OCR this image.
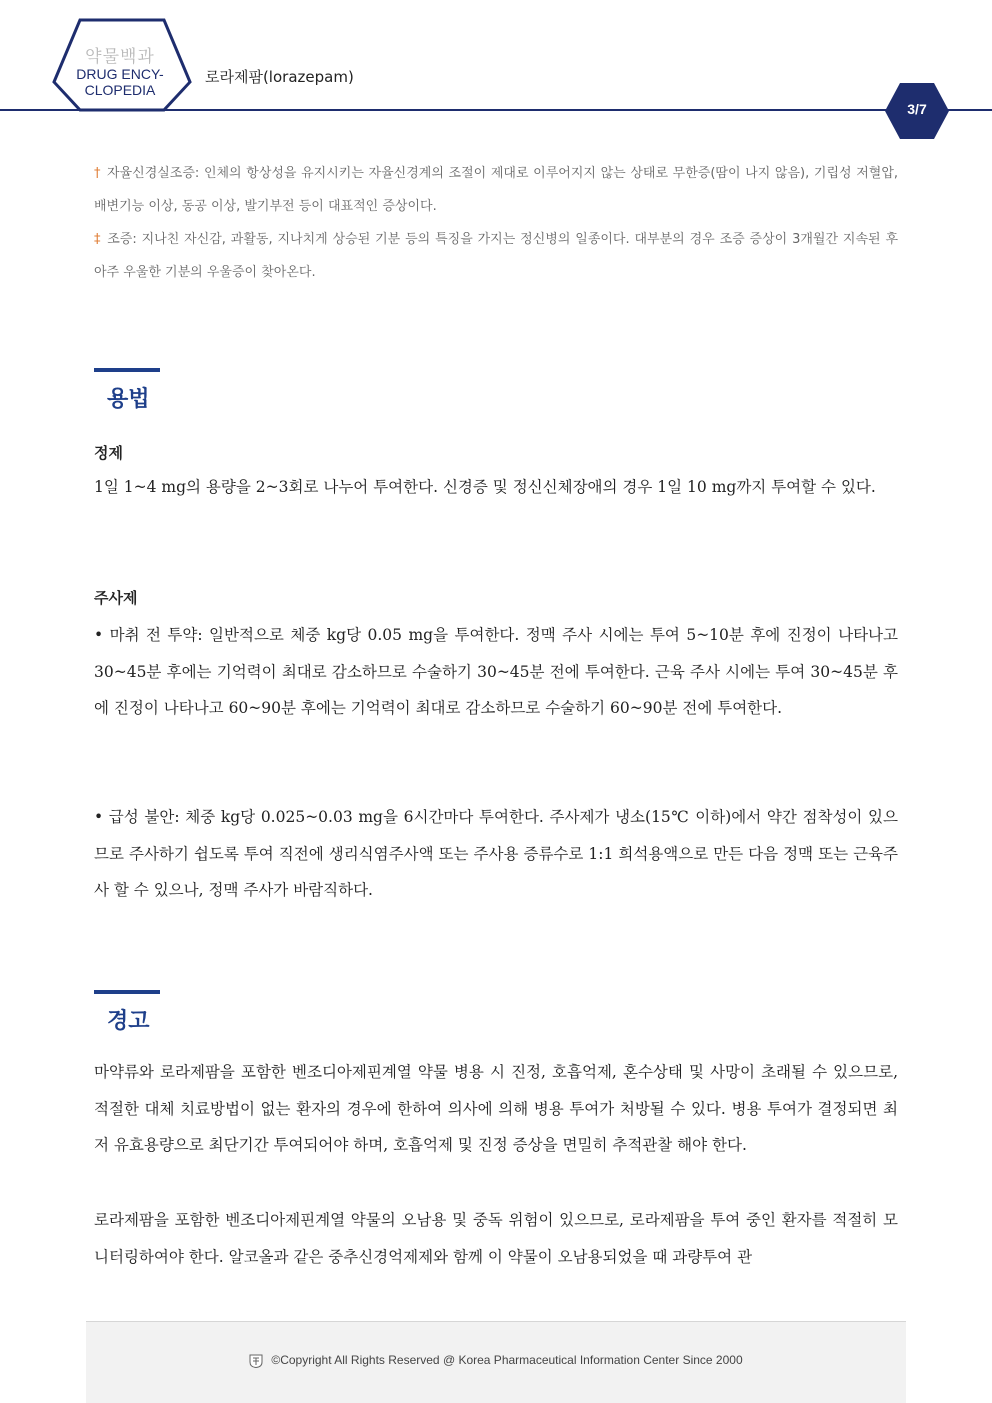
약물백과
DRUG ENCY-
CLOPEDIA
로라제팜(lorazepam)
3/7

† 자율신경실조증: 인체의 항상성을 유지시키는 자율신경계의 조절이 제대로 이루어지지 않는 상태로 무한증(땀이 나지 않음), 기립성 저혈압, 배변기능 이상, 동공 이상, 발기부전 등이 대표적인 증상이다.

‡ 조증: 지나친 자신감, 과활동, 지나치게 상승된 기분 등의 특징을 가지는 정신병의 일종이다. 대부분의 경우 조증 증상이 3개월간 지속된 후 아주 우울한 기분의 우울증이 찾아온다.

용법
정제

1일 1~4 mg의 용량을 2~3회로 나누어 투여한다. 신경증 및 정신신체장애의 경우 1일 10 mg까지 투여할 수 있다.

주사제

• 마취 전 투약: 일반적으로 체중 kg당 0.05 mg을 투여한다. 정맥 주사 시에는 투여 5~10분 후에 진정이 나타나고 30~45분 후에는 기억력이 최대로 감소하므로 수술하기 30~45분 전에 투여한다. 근육 주사 시에는 투여 30~45분 후에 진정이 나타나고 60~90분 후에는 기억력이 최대로 감소하므로 수술하기 60~90분 전에 투여한다.

• 급성 불안: 체중 kg당 0.025~0.03 mg을 6시간마다 투여한다. 주사제가 냉소(15℃ 이하)에서 약간 점착성이 있으므로 주사하기 쉽도록 투여 직전에 생리식염주사액 또는 주사용 증류수로 1:1 희석용액으로 만든 다음 정맥 또는 근육주사 할 수 있으나, 정맥 주사가 바람직하다.

경고

마약류와 로라제팜을 포함한 벤조디아제핀계열 약물 병용 시 진정, 호흡억제, 혼수상태 및 사망이 초래될 수 있으므로, 적절한 대체 치료방법이 없는 환자의 경우에 한하여 의사에 의해 병용 투여가 처방될 수 있다. 병용 투여가 결정되면 최저 유효용량으로 최단기간 투여되어야 하며, 호흡억제 및 진정 증상을 면밀히 추적관찰 해야 한다.

로라제팜을 포함한 벤조디아제핀계열 약물의 오남용 및 중독 위험이 있으므로, 로라제팜을 투여 중인 환자를 적절히 모니터링하여야 한다. 알코올과 같은 중추신경억제제와 함께 이 약물이 오남용되었을 때 과량투여 관

©Copyright All Rights Reserved @ Korea Pharmaceutical Information Center Since 2000
